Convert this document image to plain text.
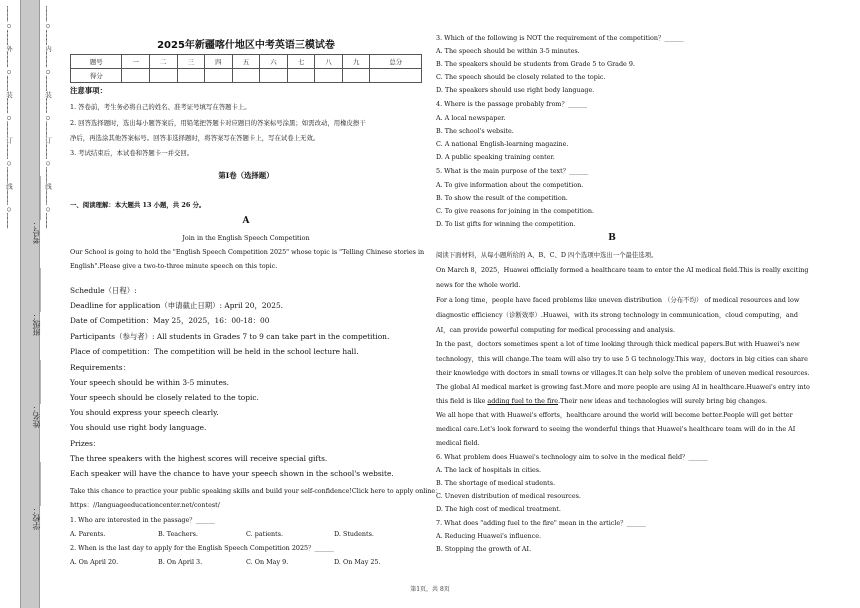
…………○…………外…………○…………装…………○…………订…………○…………线…………○…………
学校：___________
姓名：___________
班级：___________
考号：___________ …………○…………内…………○…………装…………○…………订…………○…………线…………○…………	2025年新疆喀什地区中考英语三模试卷
题号	一	二	三	四	五	六	七	八	九	总分
得分										
注意事项：
1. 答卷前，考生务必将自己的姓名、准考证号填写在答题卡上。
2. 回答选择题时，选出每小题答案后，用铅笔把答题卡对应题目的答案标号涂黑；如需改动，用橡皮擦干
净后，再选涂其他答案标号。回答非选择题时，将答案写在答题卡上，写在试卷上无效。
3. 考试结束后，本试卷和答题卡一并交回。
第Ⅰ卷（选择题）
一、阅读理解：本大题共 13 小题，共 26 分。
A
Join in the English Speech Competition
Our School is going to hold the "English Speech Competition 2025" whose topic is "Telling Chinese stories in
English".Please give a two-to-three minute speech on this topic.
Schedule（日程）:
Deadline for application（申请截止日期）: April 20，2025.
Date of Competition：May 25，2025，16：00-18：00
Participants（参与者）: All students in Grades 7 to 9 can take part in the competition.
Place of competition：The competition will be held in the school lecture hall.
Requirements：
Your speech should be within 3-5 minutes.
Your speech should be closely related to the topic.
You should express your speech clearly.
You should use right body language.
Prizes：
The three speakers with the highest scores will receive special gifts.
Each speaker will have the chance to have your speech shown in the school's website.
Take this chance to practice your public speaking skills and build your self-confidence!Click here to apply online：
https：//languageeducationcenter.net/contest/
1. Who are interested in the passage？______
A. Parents.	B. Teachers.	C. patients.	D. Students.
2. When is the last day to apply for the English Speech Competition 2025？______
A. On April 20.	B. On April 3.	C. On May 9.	D. On May 25.
3. Which of the following is NOT the requirement of the competition？______
A. The speech should be within 3-5 minutes.
B. The speakers should be students from Grade 5 to Grade 9.
C. The speech should be closely related to the topic.
D. The speakers should use right body language.
4. Where is the passage probably from？______
A. A local newspaper.
B. The school's website.
C. A national English-learning magazine.
D. A public speaking training center.
5. What is the main purpose of the text？______
A. To give information about the competition.
B. To show the result of the competition.
C. To give reasons for joining in the competition.
D. To list gifts for winning the competition.
B
阅读下面材料，从每小题所给的 A、B、C、D 四个选项中选出一个最佳选项。
On March 8，2025，Huawei officially formed a healthcare team to enter the AI medical field.This is really exciting
news for the whole world.
For a long time，people have faced problems like uneven distribution （分布不均） of medical resources and low
diagnostic efficiency（诊断效率）.Huawei，with its strong technology in communication，cloud computing，and
AI，can provide powerful computing for medical processing and analysis.
In the past，doctors sometimes spent a lot of time looking through thick medical papers.But with Huawei's new
technology，this will change.The team will also try to use 5 G technology.This way，doctors in big cities can share
their knowledge with doctors in small towns or villages.It can help solve the problem of uneven medical resources.
The global AI medical market is growing fast.More and more people are using AI in healthcare.Huawei's entry into
this field is like adding fuel to the fire.Their new ideas and technologies will surely bring big changes.
We all hope that with Huawei's efforts，healthcare around the world will become better.People will get better
medical care.Let's look forward to seeing the wonderful things that Huawei's healthcare team will do in the AI
medical field.
6. What problem does Huawei's technology aim to solve in the medical field？______
A. The lack of hospitals in cities.
B. The shortage of medical students.
C. Uneven distribution of medical resources.
D. The high cost of medical treatment.
7. What does "adding fuel to the fire" mean in the article？______
A. Reducing Huawei's influence.
B. Stopping the growth of AI.
第1页，共 8页
